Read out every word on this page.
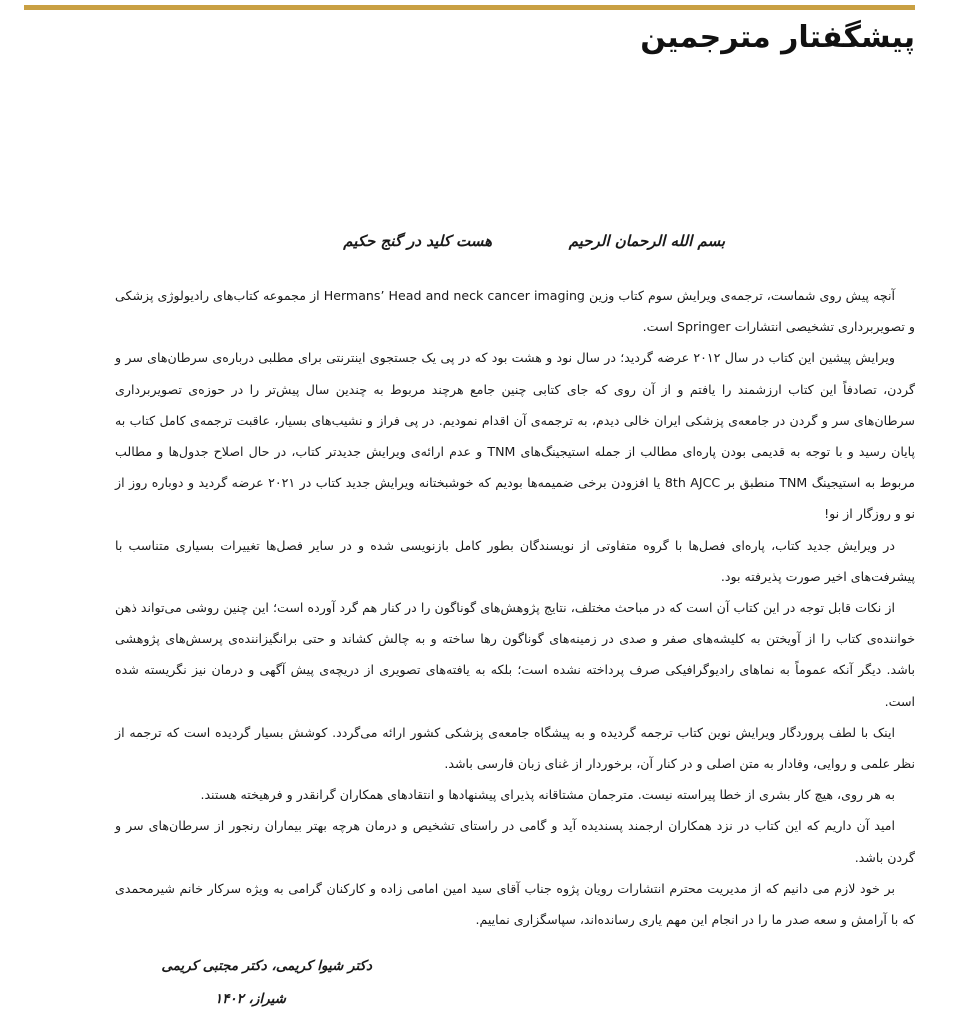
پیشگفتار مترجمین
بسم الله الرحمان الرحیم
هست کلید در گنج حکیم

آنچه پیش روی شماست، ترجمه‌ی ویرایش سوم کتاب وزین Hermans’ Head and neck cancer imaging از مجموعه کتاب‌های رادیولوژی پزشکی و تصویربرداری تشخیصی انتشارات Springer است.

ویرایش پیشین این کتاب در سال ۲۰۱۲ عرضه گردید؛ در سال نود و هشت بود که در پی یک جستجوی اینترنتی برای مطلبی درباره‌ی سرطان‌های سر و گردن، تصادفاً این کتاب ارزشمند را یافتم و از آن روی که جای کتابی چنین جامع هرچند مربوط به چندین سال پیش‌تر را در حوزه‌ی تصویربرداری سرطان‌های سر و گردن در جامعه‌ی پزشکی ایران خالی دیدم، به ترجمه‌ی آن اقدام نمودیم. در پی فراز و نشیب‌های بسیار، عاقبت ترجمه‌ی کامل کتاب به پایان رسید و با توجه به قدیمی بودن پاره‌ای مطالب از جمله استیجینگ‌های TNM و عدم ارائه‌ی ویرایش جدیدتر کتاب، در حال اصلاح جدول‌ها و مطالب مربوط به استیجینگ TNM منطبق بر 8th AJCC یا افزودن برخی ضمیمه‌ها بودیم که خوشبختانه ویرایش جدید کتاب در ۲۰۲۱ عرضه گردید و دوباره روز از نو و روزگار از نو!

در ویرایش جدید کتاب، پاره‌ای فصل‌ها با گروه متفاوتی از نویسندگان بطور کامل بازنویسی شده و در سایر فصل‌ها تغییرات بسیاری متناسب با پیشرفت‌های اخیر صورت پذیرفته بود.

از نکات قابل توجه در این کتاب آن است که در مباحث مختلف، نتایج پژوهش‌های گوناگون را در کنار هم گرد آورده است؛ این چنین روشی می‌تواند ذهن خواننده‌ی کتاب را از آویختن به کلیشه‌های صفر و صدی در زمینه‌های گوناگون رها ساخته و به چالش کشاند و حتی برانگیزاننده‌ی پرسش‌های پژوهشی باشد. دیگر آنکه عموماً به نماهای رادیوگرافیکی صرف پرداخته نشده است؛ بلکه به یافته‌های تصویری از دریچه‌ی پیش آگهی و درمان نیز نگریسته شده است.

اینک با لطف پروردگار ویرایش نوین کتاب ترجمه گردیده و به پیشگاه جامعه‌ی پزشکی کشور ارائه می‌گردد. کوشش بسیار گردیده است که ترجمه از نظر علمی و روایی، وفادار به متن اصلی و در کنار آن، برخوردار از غنای زبان فارسی باشد.

به هر روی، هیچ کار بشری از خطا پیراسته نیست. مترجمان مشتاقانه پذیرای پیشنهادها و انتقادهای همکاران گرانقدر و فرهیخته هستند.

امید آن داریم که این کتاب در نزد همکاران ارجمند پسندیده آید و گامی در راستای تشخیص و درمان هرچه بهتر بیماران رنجور از سرطان‌های سر و گردن باشد.

بر خود لازم می دانیم که از مدیریت محترم انتشارات رویان پژوه جناب آقای سید امین امامی زاده و کارکنان گرامی به ویژه سرکار خانم شیرمحمدی که با آرامش و سعه صدر ما را در انجام این مهم یاری رسانده‌اند، سپاسگزاری نماییم.

دکتر شیوا کریمی، دکتر مجتبی کریمی
شیراز، ۱۴۰۲
